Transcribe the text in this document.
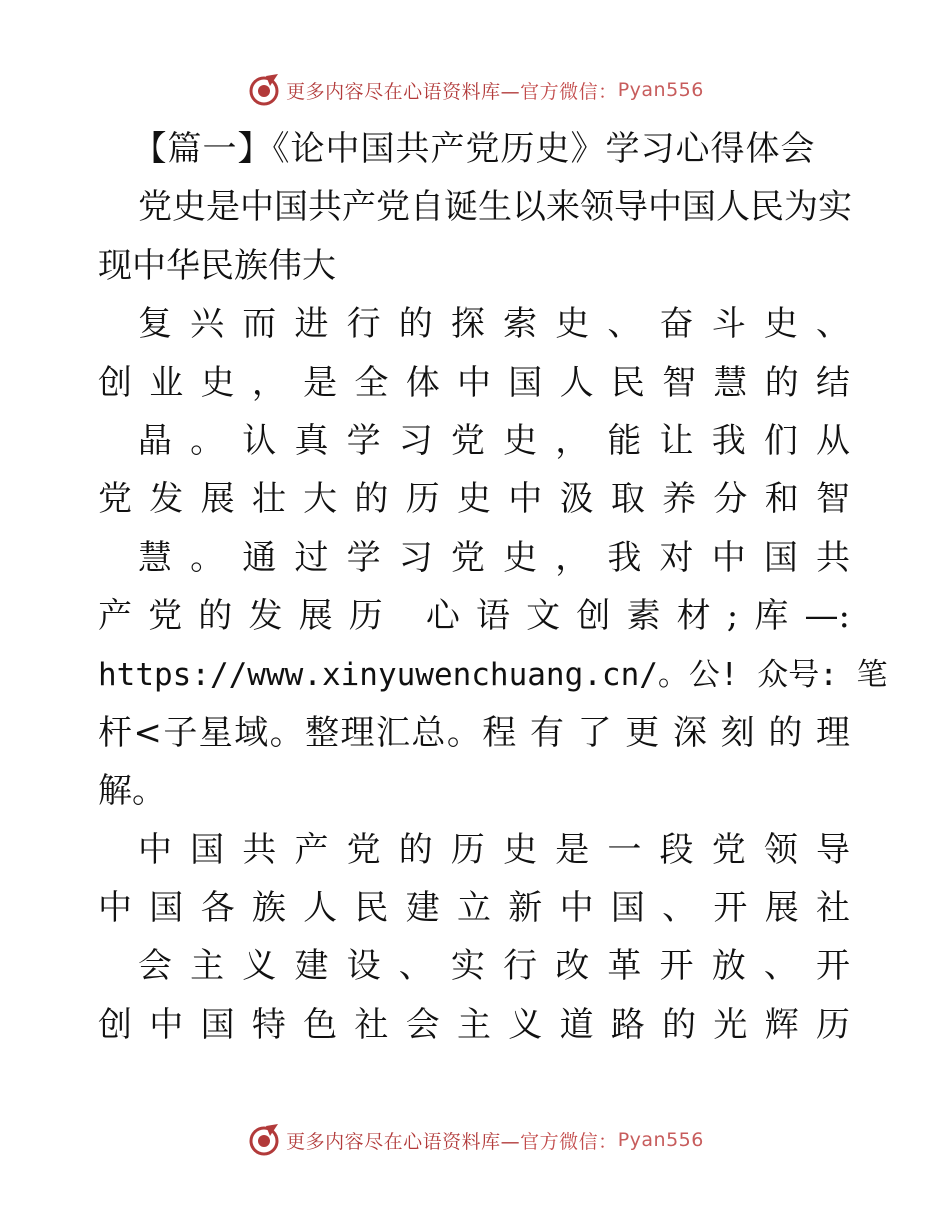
更多内容尽在心语资料库— 官方微信： Pyan556
【篇一】《论中国共产党历史》学习心得体会
党史是中国共产党自诞生以来领导中国人民为实
现中华民族伟大
复兴而进行的探索史、奋斗史、
创业史，是全体中国人民智慧的结
晶。认真学习党史，能让我们从
党发展壮大的历史中汲取养分和智
慧。通过学习党史，我对中国共
产党的发展历 心语文创素材;库—:
https://www.xinyuwenchuang.cn/。公! 众号: 笔
杆<子星域。整理汇总。程 有 了 更 深 刻 的 理
解。
中国共产党的历史是一段党领导
中国各族人民建立新中国、开展社
会主义建设、实行改革开放、开
创中国特色社会主义道路的光辉历
更多内容尽在心语资料库— 官方微信： Pyan556
